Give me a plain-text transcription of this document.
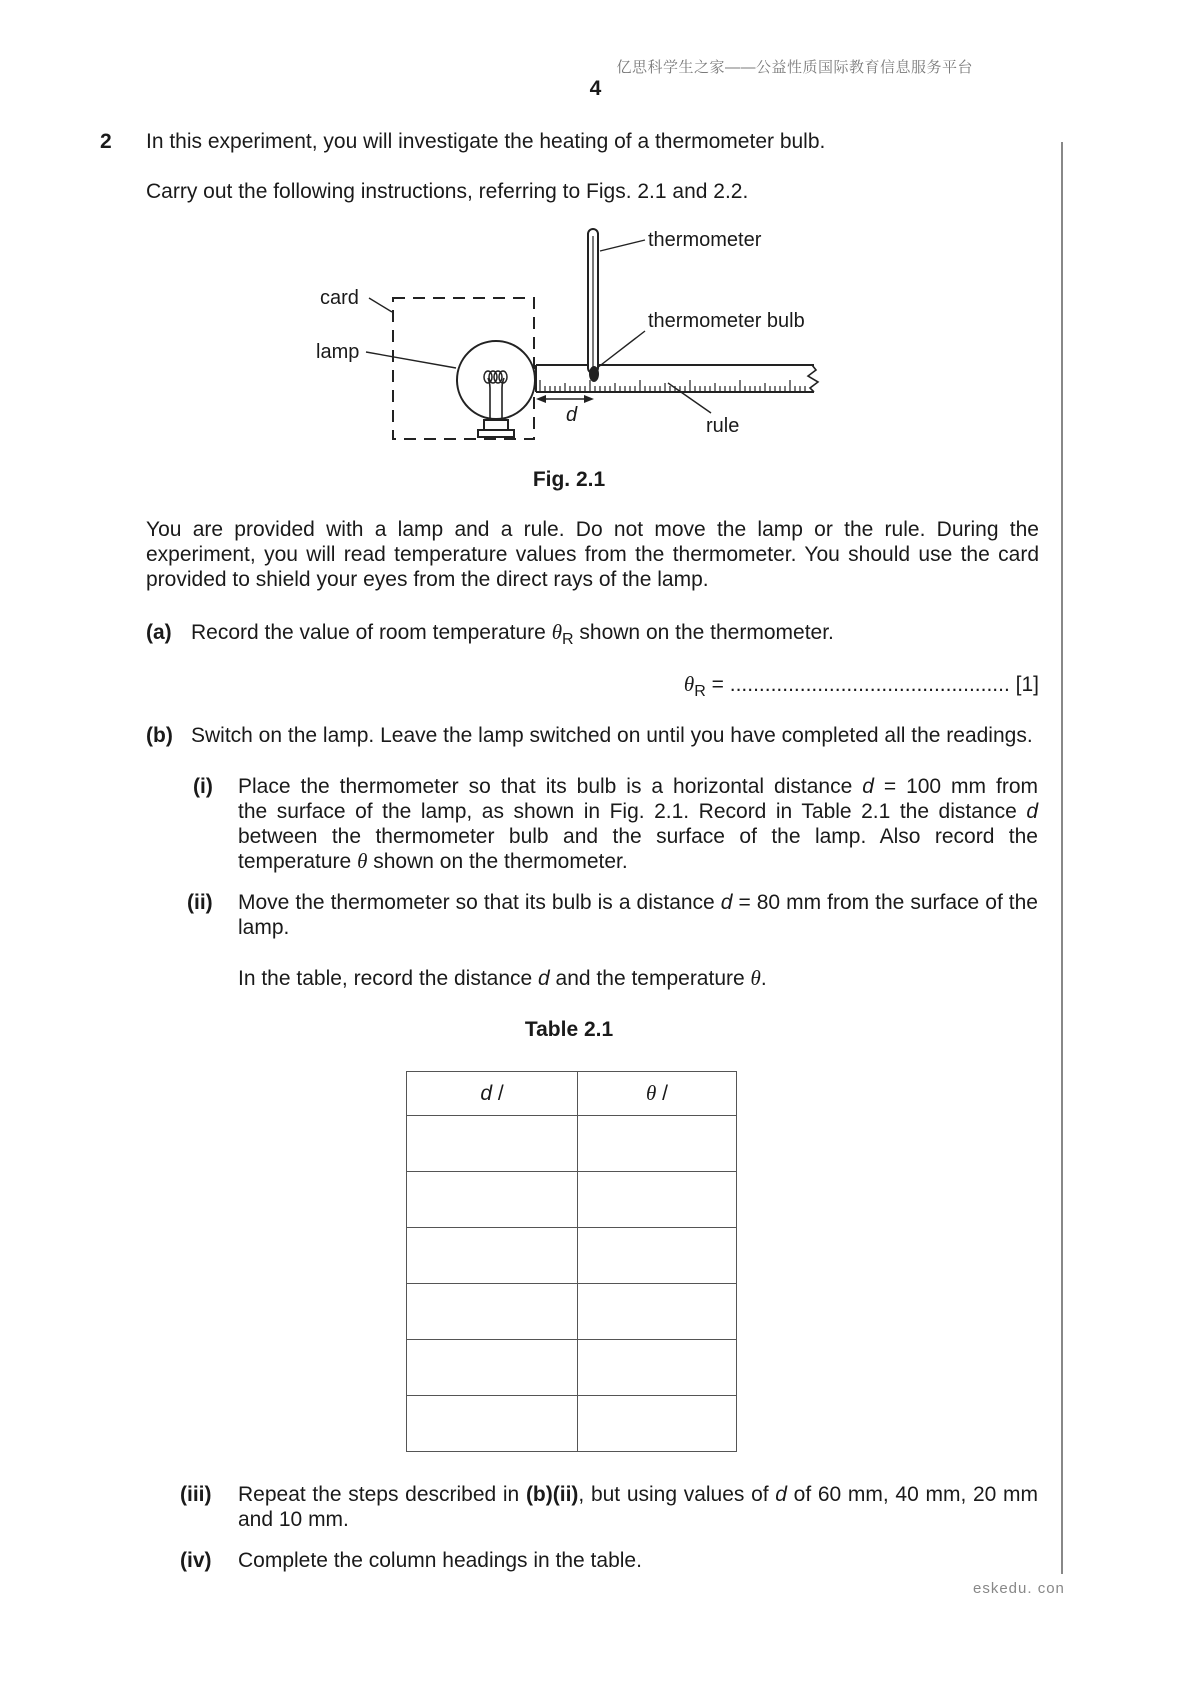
亿思科学生之家——公益性质国际教育信息服务平台
4
2 In this experiment, you will investigate the heating of a thermometer bulb.
Carry out the following instructions, referring to Figs. 2.1 and 2.2.
thermometer
card
thermometer bulb
lamp
d	rule
Fig. 2.1
You are provided with a lamp and a rule. Do not move the lamp or the rule. During the experiment, you will read temperature values from the thermometer. You should use the card provided to shield your eyes from the direct rays of the lamp.
(a) Record the value of room temperature $\theta_R$ shown on the thermometer.
$\theta_R$ = ................................................ [1]
(b) Switch on the lamp. Leave the lamp switched on until you have completed all the readings.
(i) Place the thermometer so that its bulb is a horizontal distance d = 100 mm from
the surface of the lamp, as shown in Fig. 2.1. Record in Table 2.1 the distance d
between the thermometer bulb and the surface of the lamp. Also record the
temperature θ shown on the thermometer.
(ii) Move the thermometer so that its bulb is a distance d = 80 mm from the surface of the
lamp.
In the table, record the distance d and the temperature θ.
Table 2.1
d /	θ /

(iii) Repeat the steps described in (b)(ii), but using values of d of 60 mm, 40 mm, 20 mm
and 10 mm.
(iv) Complete the column headings in the table.
eskedu. con
